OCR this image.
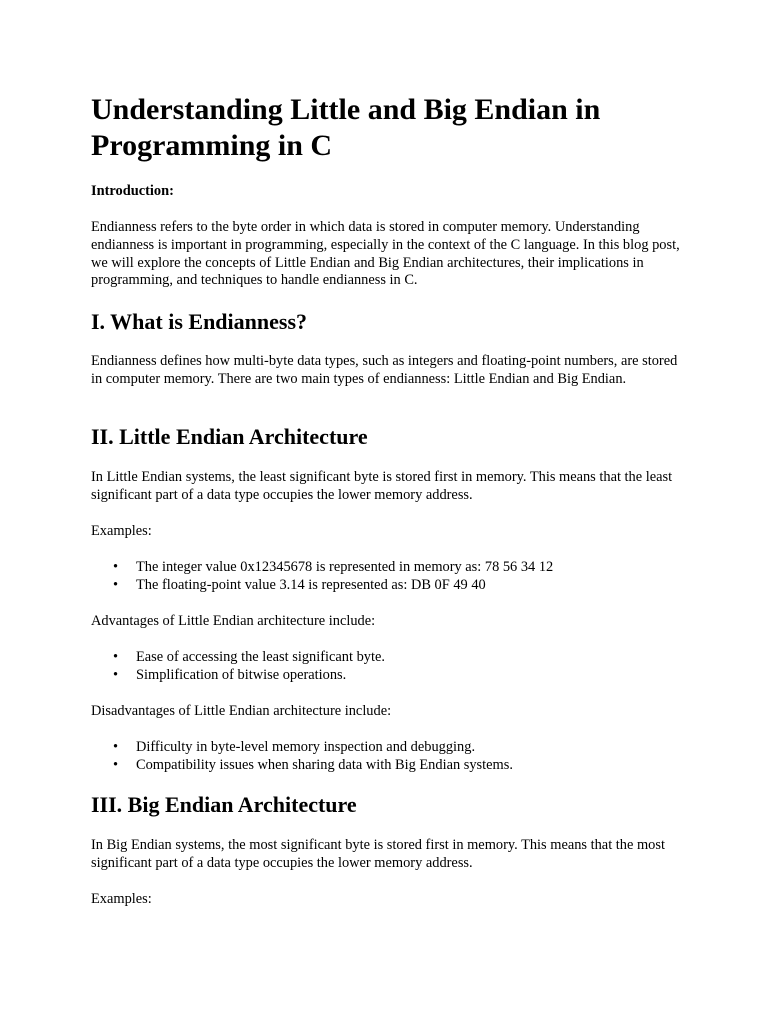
Understanding Little and Big Endian in Programming in C

Introduction:

Endianness refers to the byte order in which data is stored in computer memory. Understanding endianness is important in programming, especially in the context of the C language. In this blog post, we will explore the concepts of Little Endian and Big Endian architectures, their implications in programming, and techniques to handle endianness in C.

I. What is Endianness?

Endianness defines how multi-byte data types, such as integers and floating-point numbers, are stored in computer memory. There are two main types of endianness: Little Endian and Big Endian.

II. Little Endian Architecture

In Little Endian systems, the least significant byte is stored first in memory. This means that the least significant part of a data type occupies the lower memory address.

Examples:

• The integer value 0x12345678 is represented in memory as: 78 56 34 12
• The floating-point value 3.14 is represented as: DB 0F 49 40

Advantages of Little Endian architecture include:

• Ease of accessing the least significant byte.
• Simplification of bitwise operations.

Disadvantages of Little Endian architecture include:

• Difficulty in byte-level memory inspection and debugging.
• Compatibility issues when sharing data with Big Endian systems.
III. Big Endian Architecture

In Big Endian systems, the most significant byte is stored first in memory. This means that the most significant part of a data type occupies the lower memory address.

Examples:
